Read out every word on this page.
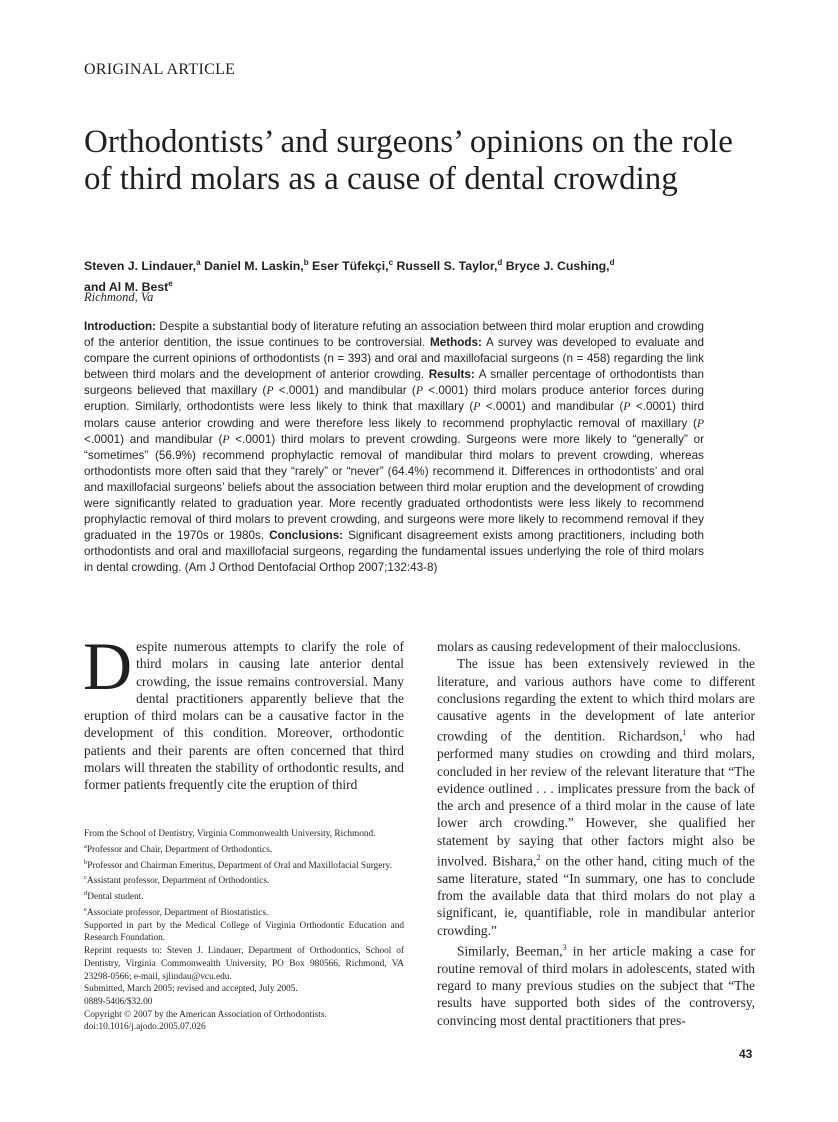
ORIGINAL ARTICLE
Orthodontists’ and surgeons’ opinions on the role of third molars as a cause of dental crowding
Steven J. Lindauer,$^a$ Daniel M. Laskin,$^b$ Eser Tüfekçi,$^c$ Russell S. Taylor,$^d$ Bryce J. Cushing,$^d$
and Al M. Best$^e$
Richmond, Va

Introduction: Despite a substantial body of literature refuting an association between third molar eruption and crowding of the anterior dentition, the issue continues to be controversial. Methods: A survey was developed to evaluate and compare the current opinions of orthodontists (n = 393) and oral and maxillofacial surgeons (n = 458) regarding the link between third molars and the development of anterior crowding. Results: A smaller percentage of orthodontists than surgeons believed that maxillary (P <.0001) and mandibular (P <.0001) third molars produce anterior forces during eruption. Similarly, orthodontists were less likely to think that maxillary (P <.0001) and mandibular (P <.0001) third molars cause anterior crowding and were therefore less likely to recommend prophylactic removal of maxillary (P <.0001) and mandibular (P <.0001) third molars to prevent crowding. Surgeons were more likely to “generally” or “sometimes” (56.9%) recommend prophylactic removal of mandibular third molars to prevent crowding, whereas orthodontists more often said that they “rarely” or “never” (64.4%) recommend it. Differences in orthodontists’ and oral and maxillofacial surgeons’ beliefs about the association between third molar eruption and the development of crowding were significantly related to graduation year. More recently graduated orthodontists were less likely to recommend prophylactic removal of third molars to prevent crowding, and surgeons were more likely to recommend removal if they graduated in the 1970s or 1980s. Conclusions: Significant disagreement exists among practitioners, including both orthodontists and oral and maxillofacial surgeons, regarding the fundamental issues underlying the role of third molars in dental crowding. (Am J Orthod Dentofacial Orthop 2007;132:43-8)

Despite numerous attempts to clarify the role of third molars in causing late anterior dental crowding, the issue remains controversial. Many dental practitioners apparently believe that the eruption of third molars can be a causative factor in the development of this condition. Moreover, orthodontic patients and their parents are often concerned that third molars will threaten the stability of orthodontic results, and former patients frequently cite the eruption of third

From the School of Dentistry, Virginia Commonwealth University, Richmond.
$^a$Professor and Chair, Department of Orthodontics.
$^b$Professor and Chairman Emeritus, Department of Oral and Maxillofacial Surgery.
$^c$Assistant professor, Department of Orthodontics.
$^d$Dental student.
$^e$Associate professor, Department of Biostatistics.
Supported in part by the Medical College of Virginia Orthodontic Education and Research Foundation.
Reprint requests to: Steven J. Lindauer, Department of Orthodontics, School of Dentistry, Virginia Commonwealth University, PO Box 980566, Richmond, VA 23298-0566; e-mail, sjlindau@vcu.edu.
Submitted, March 2005; revised and accepted, July 2005.
0889-5406/$32.00
Copyright © 2007 by the American Association of Orthodontists.
doi:10.1016/j.ajodo.2005.07.026

molars as causing redevelopment of their malocclusions.

The issue has been extensively reviewed in the literature, and various authors have come to different conclusions regarding the extent to which third molars are causative agents in the development of late anterior crowding of the dentition. Richardson,$^1$ who had performed many studies on crowding and third molars, concluded in her review of the relevant literature that “The evidence outlined . . . implicates pressure from the back of the arch and presence of a third molar in the cause of late lower arch crowding.” However, she qualified her statement by saying that other factors might also be involved. Bishara,$^2$ on the other hand, citing much of the same literature, stated “In summary, one has to conclude from the available data that third molars do not play a significant, ie, quantifiable, role in mandibular anterior crowding.”

Similarly, Beeman,$^3$ in her article making a case for routine removal of third molars in adolescents, stated with regard to many previous studies on the subject that “The results have supported both sides of the controversy, convincing most dental practitioners that pres-

43
